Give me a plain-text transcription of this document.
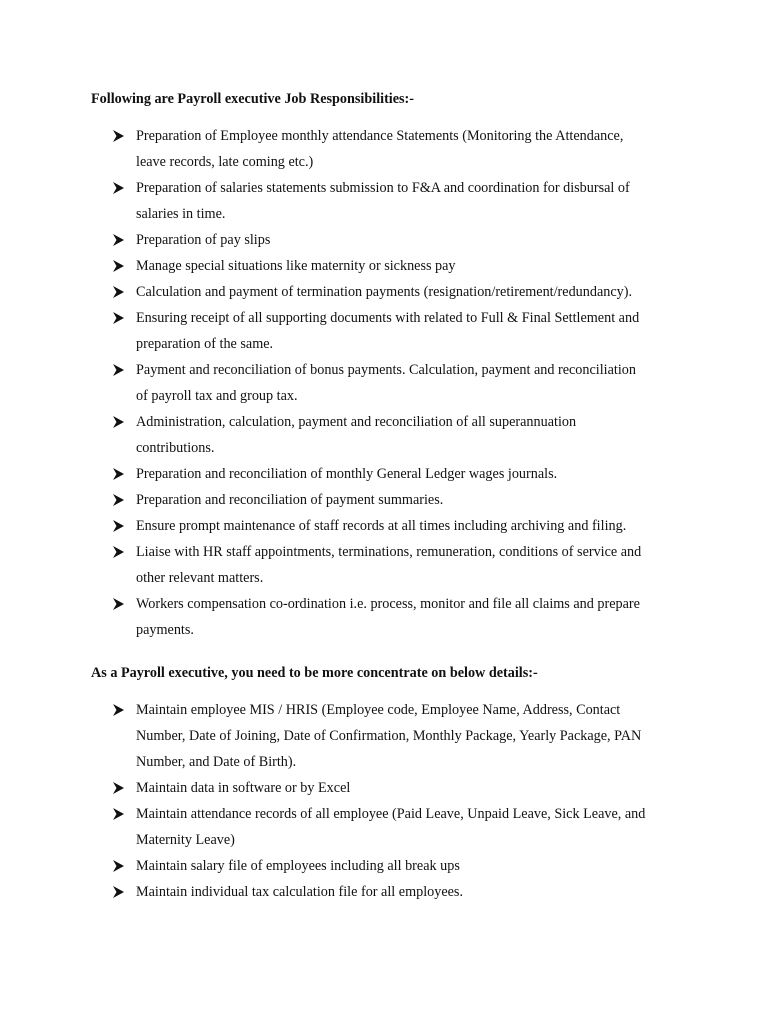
Following are Payroll executive Job Responsibilities:-
Preparation of Employee monthly attendance Statements (Monitoring the Attendance,
leave records, late coming etc.)
Preparation of salaries statements submission to F&A and coordination for disbursal of
salaries in time.
Preparation of pay slips
Manage special situations like maternity or sickness pay
Calculation and payment of termination payments (resignation/retirement/redundancy).
Ensuring receipt of all supporting documents with related to Full & Final Settlement and
preparation of the same.
Payment and reconciliation of bonus payments. Calculation, payment and reconciliation
of payroll tax and group tax.
Administration, calculation, payment and reconciliation of all superannuation
contributions.
Preparation and reconciliation of monthly General Ledger wages journals.
Preparation and reconciliation of payment summaries.
Ensure prompt maintenance of staff records at all times including archiving and filing.
Liaise with HR staff appointments, terminations, remuneration, conditions of service and
other relevant matters.
Workers compensation co-ordination i.e. process, monitor and file all claims and prepare
payments.
As a Payroll executive, you need to be more concentrate on below details:-
Maintain employee MIS / HRIS (Employee code, Employee Name, Address, Contact
Number, Date of Joining, Date of Confirmation, Monthly Package, Yearly Package, PAN
Number, and Date of Birth).
Maintain data in software or by Excel
Maintain attendance records of all employee (Paid Leave, Unpaid Leave, Sick Leave, and
Maternity Leave)
Maintain salary file of employees including all break ups
Maintain individual tax calculation file for all employees.
